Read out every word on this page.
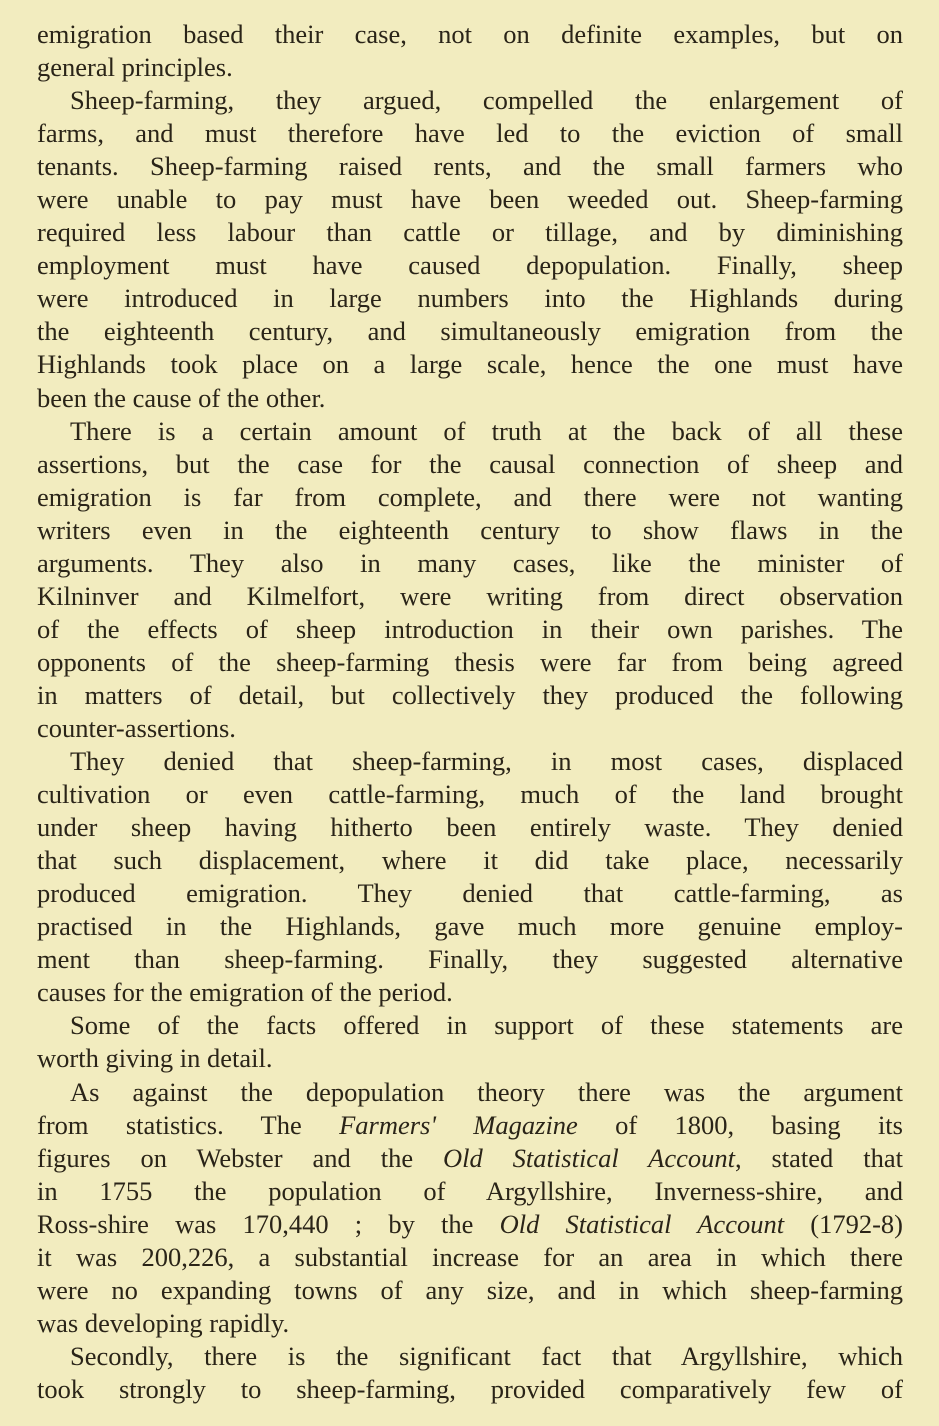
emigration based their case, not on definite examples, but on
general principles.
Sheep-farming, they argued, compelled the enlargement of
farms, and must therefore have led to the eviction of small
tenants. Sheep-farming raised rents, and the small farmers who
were unable to pay must have been weeded out. Sheep-farming
required less labour than cattle or tillage, and by diminishing
employment must have caused depopulation. Finally, sheep
were introduced in large numbers into the Highlands during
the eighteenth century, and simultaneously emigration from the
Highlands took place on a large scale, hence the one must have
been the cause of the other.
There is a certain amount of truth at the back of all these
assertions, but the case for the causal connection of sheep and
emigration is far from complete, and there were not wanting
writers even in the eighteenth century to show flaws in the
arguments. They also in many cases, like the minister of
Kilninver and Kilmelfort, were writing from direct observation
of the effects of sheep introduction in their own parishes. The
opponents of the sheep-farming thesis were far from being agreed
in matters of detail, but collectively they produced the following
counter-assertions.
They denied that sheep-farming, in most cases, displaced
cultivation or even cattle-farming, much of the land brought
under sheep having hitherto been entirely waste. They denied
that such displacement, where it did take place, necessarily
produced emigration. They denied that cattle-farming, as
practised in the Highlands, gave much more genuine employ-
ment than sheep-farming. Finally, they suggested alternative
causes for the emigration of the period.
Some of the facts offered in support of these statements are
worth giving in detail.
As against the depopulation theory there was the argument
from statistics. The Farmers' Magazine of 1800, basing its
figures on Webster and the Old Statistical Account, stated that
in 1755 the population of Argyllshire, Inverness-shire, and
Ross-shire was 170,440 ; by the Old Statistical Account (1792-8)
it was 200,226, a substantial increase for an area in which there
were no expanding towns of any size, and in which sheep-farming
was developing rapidly.
Secondly, there is the significant fact that Argyllshire, which
took strongly to sheep-farming, provided comparatively few of
